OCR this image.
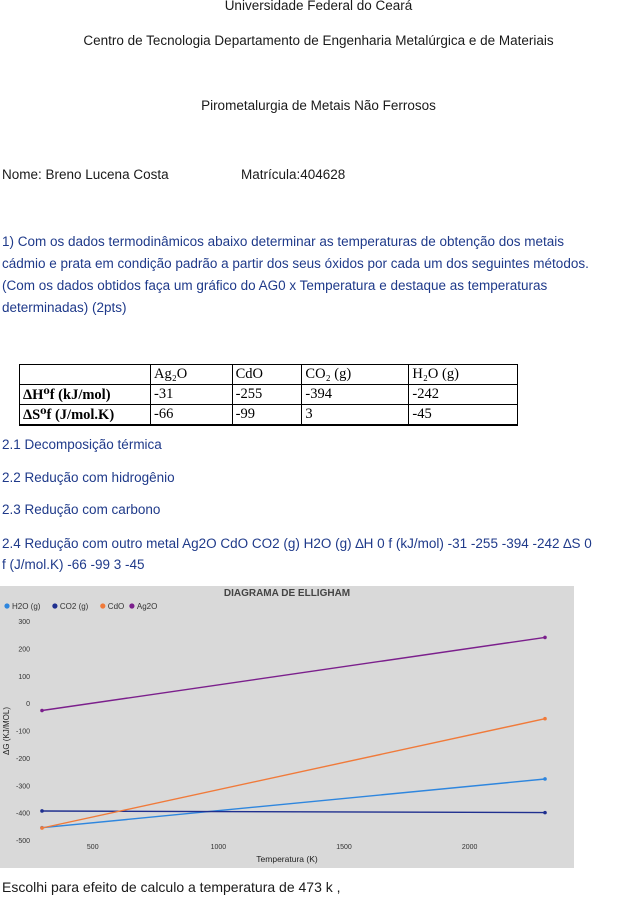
Universidade Federal do Ceará
Centro de Tecnologia Departamento de Engenharia Metalúrgica e de Materiais
Pirometalurgia de Metais Não Ferrosos
Nome: Breno Lucena Costa	Matrícula:404628
1) Com os dados termodinâmicos abaixo determinar as temperaturas de obtenção dos metais
cádmio e prata em condição padrão a partir dos seus óxidos por cada um dos seguintes métodos.
(Com os dados obtidos faça um gráfico do AG0 x Temperatura e destaque as temperaturas
determinadas) (2pts)
	Ag₂O	CdO	CO₂ (g)	H₂O (g)
ΔH⁰f (kJ/mol)	-31	-255	-394	-242
ΔS⁰f (J/mol.K)	-66	-99	3	-45
2.1 Decomposição térmica
2.2 Redução com hidrogênio
2.3 Redução com carbono
2.4 Redução com outro metal Ag2O CdO CO2 (g) H2O (g) ∆H 0 f (kJ/mol) -31 -255 -394 -242 ∆S 0
f (J/mol.K) -66 -99 3 -45
DIAGRAMA DE ELLIGHAM
H2O (g) CO2 (g) CdO Ag2O
300
200
100
0
-100
-200
-300
-400
-500
500	1000	1500	2000
Temperatura (K)
ΔG (KJ/MOL)
Escolhi para efeito de calculo a temperatura de 473 k ,
